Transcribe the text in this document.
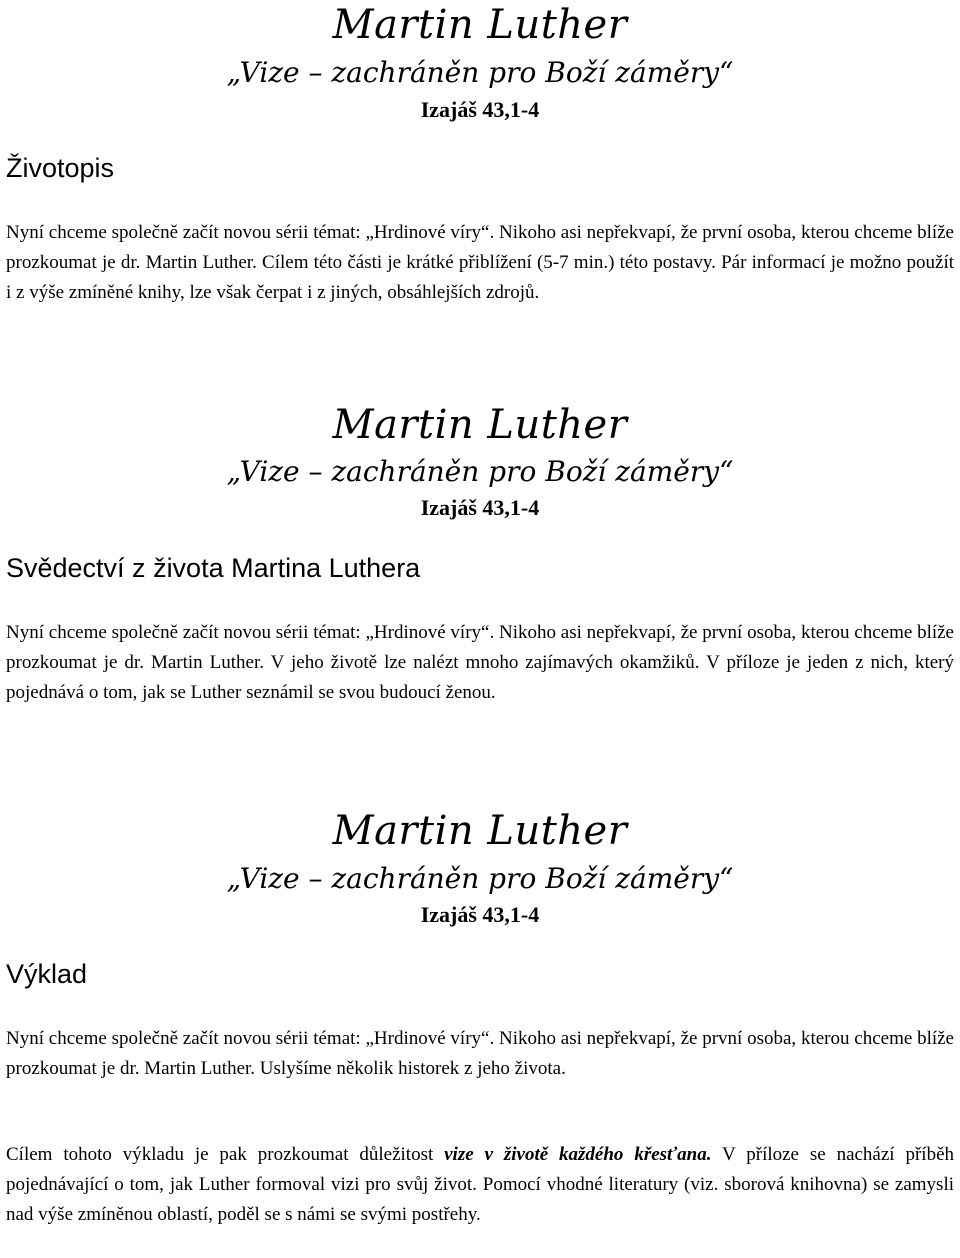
Martin Luther
„Vize – zachráněn pro Boží záměry“
Izajáš 43,1-4
Životopis

Nyní chceme společně začít novou sérii témat: „Hrdinové víry“. Nikoho asi nepřekvapí, že první osoba, kterou chceme blíže prozkoumat je dr. Martin Luther. Cílem této části je krátké přiblížení (5-7 min.) této postavy. Pár informací je možno použít i z výše zmíněné knihy, lze však čerpat i z jiných, obsáhlejších zdrojů.

Martin Luther
„Vize – zachráněn pro Boží záměry“
Izajáš 43,1-4
Svědectví z života Martina Luthera

Nyní chceme společně začít novou sérii témat: „Hrdinové víry“. Nikoho asi nepřekvapí, že první osoba, kterou chceme blíže prozkoumat je dr. Martin Luther. V jeho životě lze nalézt mnoho zajímavých okamžiků. V příloze je jeden z nich, který pojednává o tom, jak se Luther seznámil se svou budoucí ženou.

Martin Luther
„Vize – zachráněn pro Boží záměry“
Izajáš 43,1-4
Výklad

Nyní chceme společně začít novou sérii témat: „Hrdinové víry“. Nikoho asi nepřekvapí, že první osoba, kterou chceme blíže prozkoumat je dr. Martin Luther. Uslyšíme několik historek z jeho života.

Cílem tohoto výkladu je pak prozkoumat důležitost vize v životě každého křesťana. V příloze se nachází příběh pojednávající o tom, jak Luther formoval vizi pro svůj život. Pomocí vhodné literatury (viz. sborová knihovna) se zamysli nad výše zmíněnou oblastí, poděl se s námi se svými postřehy.
